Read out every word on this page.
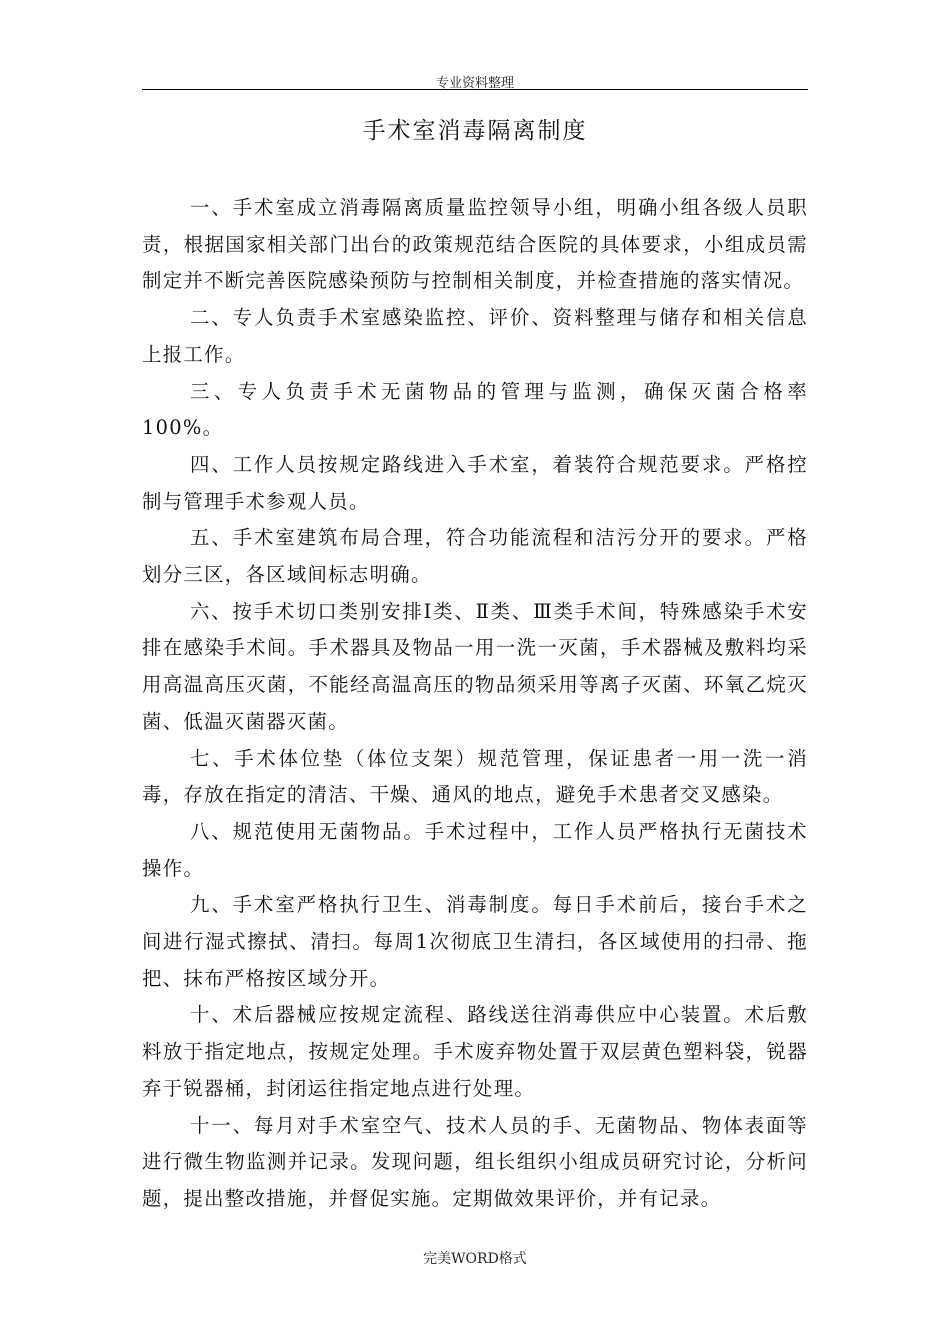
专业资料整理
手术室消毒隔离制度

一、手术室成立消毒隔离质量监控领导小组，明确小组各级人员职责，根据国家相关部门出台的政策规范结合医院的具体要求，小组成员需制定并不断完善医院感染预防与控制相关制度，并检查措施的落实情况。

二、专人负责手术室感染监控、评价、资料整理与储存和相关信息上报工作。

三、专人负责手术无菌物品的管理与监测，确保灭菌合格率100%。

四、工作人员按规定路线进入手术室，着装符合规范要求。严格控制与管理手术参观人员。

五、手术室建筑布局合理，符合功能流程和洁污分开的要求。严格划分三区，各区域间标志明确。

六、按手术切口类别安排Ⅰ类、Ⅱ类、Ⅲ类手术间，特殊感染手术安排在感染手术间。手术器具及物品一用一洗一灭菌，手术器械及敷料均采用高温高压灭菌，不能经高温高压的物品须采用等离子灭菌、环氧乙烷灭菌、低温灭菌器灭菌。

七、手术体位垫（体位支架）规范管理，保证患者一用一洗一消毒，存放在指定的清洁、干燥、通风的地点，避免手术患者交叉感染。

八、规范使用无菌物品。手术过程中，工作人员严格执行无菌技术操作。

九、手术室严格执行卫生、消毒制度。每日手术前后，接台手术之间进行湿式擦拭、清扫。每周1次彻底卫生清扫，各区域使用的扫帚、拖把、抹布严格按区域分开。

十、术后器械应按规定流程、路线送往消毒供应中心装置。术后敷料放于指定地点，按规定处理。手术废弃物处置于双层黄色塑料袋，锐器弃于锐器桶，封闭运往指定地点进行处理。

十一、每月对手术室空气、技术人员的手、无菌物品、物体表面等进行微生物监测并记录。发现问题，组长组织小组成员研究讨论，分析问题，提出整改措施，并督促实施。定期做效果评价，并有记录。

完美WORD格式
